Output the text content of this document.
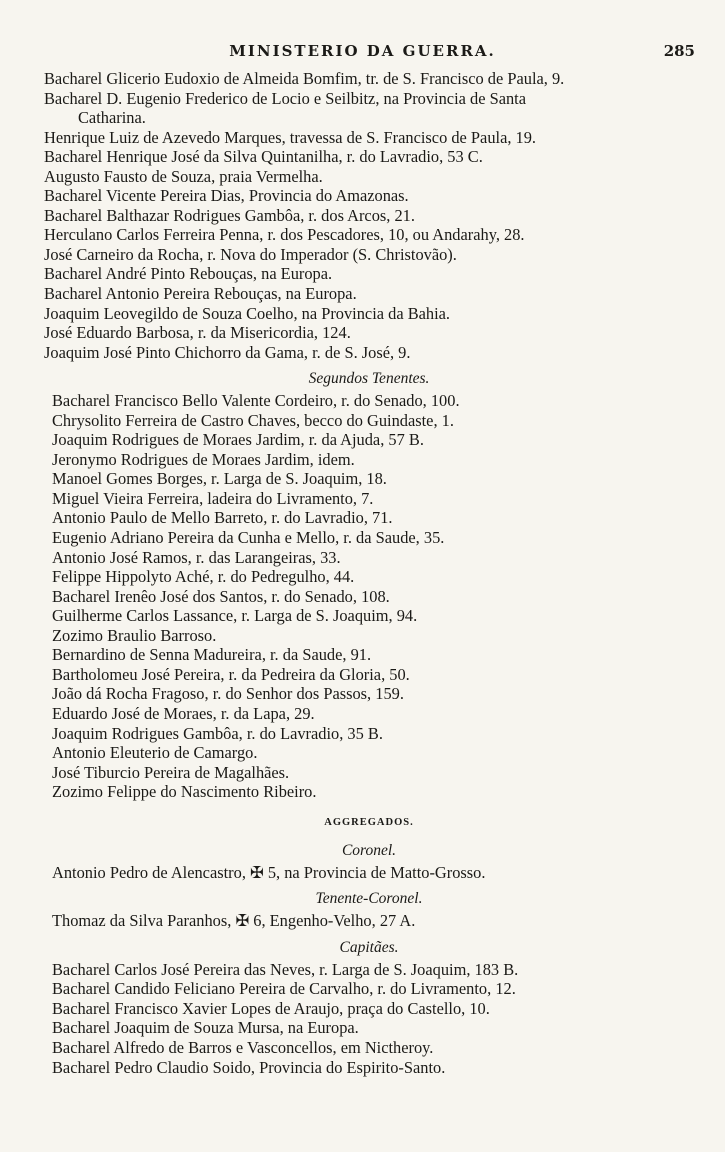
MINISTERIO DA GUERRA.	285
Bacharel Glicerio Eudoxio de Almeida Bomfim, tr. de S. Francisco de Paula, 9.
Bacharel D. Eugenio Frederico de Locio e Seilbitz, na Provincia de Santa
Catharina.
Henrique Luiz de Azevedo Marques, travessa de S. Francisco de Paula, 19.
Bacharel Henrique José da Silva Quintanilha, r. do Lavradio, 53 C.
Augusto Fausto de Souza, praia Vermelha.
Bacharel Vicente Pereira Dias, Provincia do Amazonas.
Bacharel Balthazar Rodrigues Gambôa, r. dos Arcos, 21.
Herculano Carlos Ferreira Penna, r. dos Pescadores, 10, ou Andarahy, 28.
José Carneiro da Rocha, r. Nova do Imperador (S. Christovão).
Bacharel André Pinto Rebouças, na Europa.
Bacharel Antonio Pereira Rebouças, na Europa.
Joaquim Leovegildo de Souza Coelho, na Provincia da Bahia.
José Eduardo Barbosa, r. da Misericordia, 124.
Joaquim José Pinto Chichorro da Gama, r. de S. José, 9.
Segundos Tenentes.
Bacharel Francisco Bello Valente Cordeiro, r. do Senado, 100.
Chrysolito Ferreira de Castro Chaves, becco do Guindaste, 1.
Joaquim Rodrigues de Moraes Jardim, r. da Ajuda, 57 B.
Jeronymo Rodrigues de Moraes Jardim, idem.
Manoel Gomes Borges, r. Larga de S. Joaquim, 18.
Miguel Vieira Ferreira, ladeira do Livramento, 7.
Antonio Paulo de Mello Barreto, r. do Lavradio, 71.
Eugenio Adriano Pereira da Cunha e Mello, r. da Saude, 35.
Antonio José Ramos, r. das Larangeiras, 33.
Felippe Hippolyto Aché, r. do Pedregulho, 44.
Bacharel Irenêo José dos Santos, r. do Senado, 108.
Guilherme Carlos Lassance, r. Larga de S. Joaquim, 94.
Zozimo Braulio Barroso.
Bernardino de Senna Madureira, r. da Saude, 91.
Bartholomeu José Pereira, r. da Pedreira da Gloria, 50.
João dá Rocha Fragoso, r. do Senhor dos Passos, 159.
Eduardo José de Moraes, r. da Lapa, 29.
Joaquim Rodrigues Gambôa, r. do Lavradio, 35 B.
Antonio Eleuterio de Camargo.
José Tiburcio Pereira de Magalhães.
Zozimo Felippe do Nascimento Ribeiro.
AGGREGADOS.
Coronel.
Antonio Pedro de Alencastro, ✠ 5, na Provincia de Matto-Grosso.
Tenente-Coronel.
Thomaz da Silva Paranhos, ✠ 6, Engenho-Velho, 27 A.
Capitães.
Bacharel Carlos José Pereira das Neves, r. Larga de S. Joaquim, 183 B.
Bacharel Candido Feliciano Pereira de Carvalho, r. do Livramento, 12.
Bacharel Francisco Xavier Lopes de Araujo, praça do Castello, 10.
Bacharel Joaquim de Souza Mursa, na Europa.
Bacharel Alfredo de Barros e Vasconcellos, em Nictheroy.
Bacharel Pedro Claudio Soido, Provincia do Espirito-Santo.
